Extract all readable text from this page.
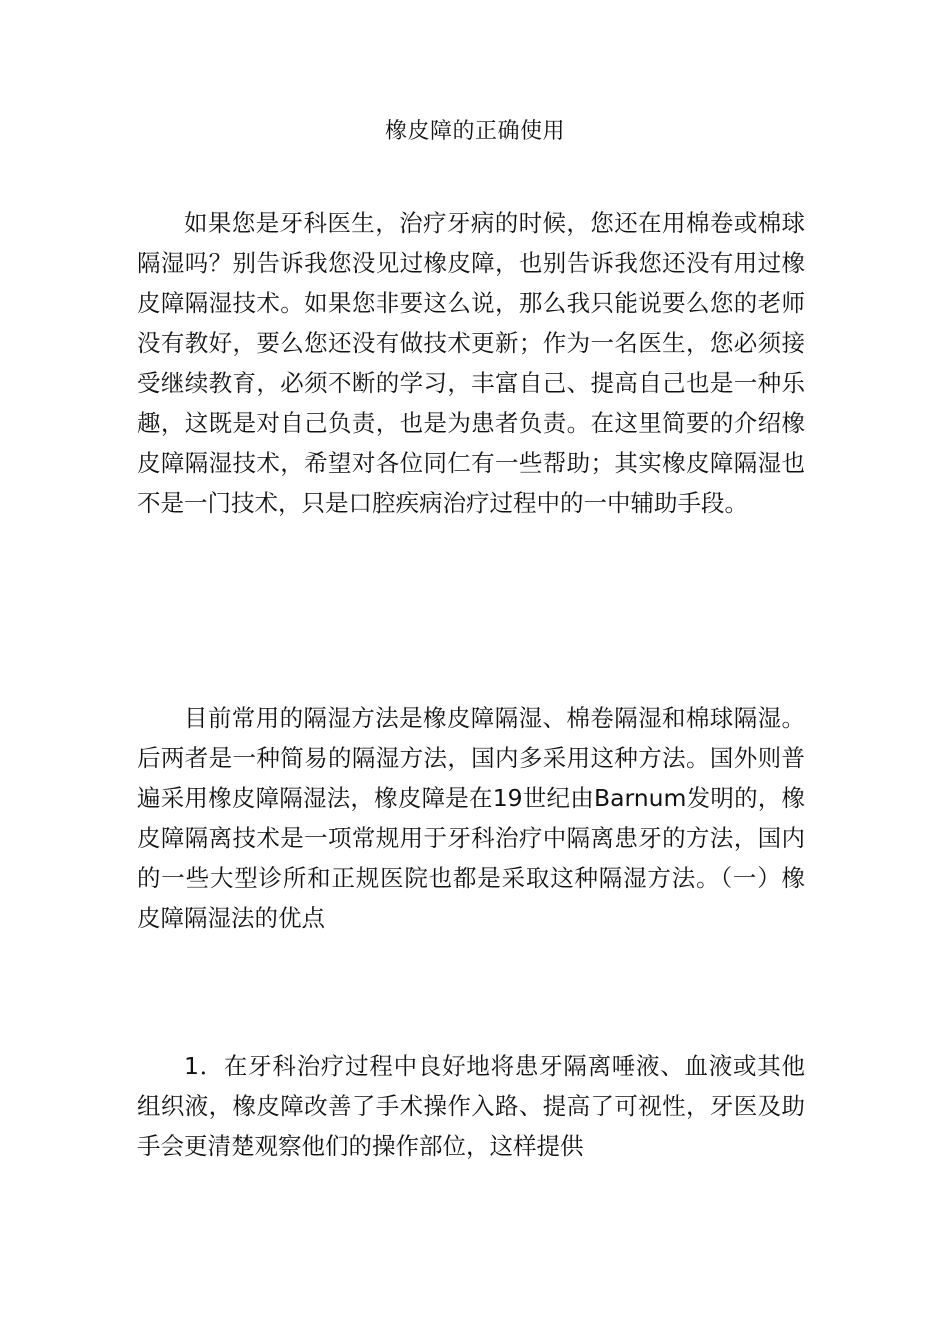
橡皮障的正确使用

如果您是牙科医生，治疗牙病的时候，您还在用棉卷或棉球隔湿吗？别告诉我您没见过橡皮障，也别告诉我您还没有用过橡皮障隔湿技术。如果您非要这么说，那么我只能说要么您的老师没有教好，要么您还没有做技术更新；作为一名医生，您必须接受继续教育，必须不断的学习，丰富自己、提高自己也是一种乐趣，这既是对自己负责，也是为患者负责。在这里简要的介绍橡皮障隔湿技术，希望对各位同仁有一些帮助；其实橡皮障隔湿也不是一门技术，只是口腔疾病治疗过程中的一中辅助手段。

目前常用的隔湿方法是橡皮障隔湿、棉卷隔湿和棉球隔湿。后两者是一种简易的隔湿方法，国内多采用这种方法。国外则普遍采用橡皮障隔湿法，橡皮障是在19世纪由Barnum发明的，橡皮障隔离技术是一项常规用于牙科治疗中隔离患牙的方法，国内的一些大型诊所和正规医院也都是采取这种隔湿方法。（一）橡皮障隔湿法的优点

1．在牙科治疗过程中良好地将患牙隔离唾液、血液或其他组织液，橡皮障改善了手术操作入路、提高了可视性，牙医及助手会更清楚观察他们的操作部位，这样提供
